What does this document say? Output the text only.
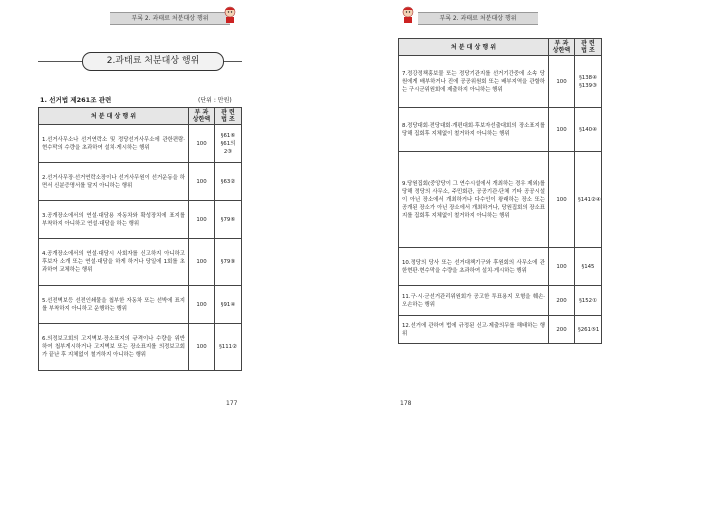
부록 2. 과태료 처분대상 행위
2.과태료 처분대상 행위
1. 선거법 제261조 관련	(단위 : 만원)
처 분 대 상 행 위	부 과 상한액	관 련 법 조
1.선거사무소나 선거연락소 및 정당선거사무소에 관한편람·현수막의 수량을 초과하여 설치·게시하는 행위	100	§61⑥ §61의2③
2.선거사무장·선거연락소장이나 선거사무원이 선거운동을 하면서 신분증명서를 달지 아니하는 행위	100	§63②
3.공개장소에서의 연설·대담용 자동차와 확성장치에 표지를 부착하지 아니하고 연설·대담을 하는 행위	100	§79⑥
4.공개장소에서의 연설·대담시 사회자를 신고하지 아니하고 후보자 소개 또는 연설·대담을 하게 하거나 당일에 1회를 초과하여 교체하는 행위	100	§79⑨
5.선전벽보등 선전인쇄물을 첩부한 자동차 또는 선박에 표지를 부착하지 아니하고 운행하는 행위	100	§91④
6.의정보고회의 고지벽보·장소표지의 규격이나 수량을 위반하여 첩부게시하거나 고지벽보 또는 장소표지를 의정보고회가 끝난 후 지체없이 철거하지 아니하는 행위	100	§111②
177
부록 2. 과태료 처분대상 행위
처 분 대 상 행 위	부 과 상한액	관 련 법 조
7.정강정책홍보물 또는 정당기관지를 선거기간중에 소속 당원에게 배부하거나 진에 공공위원회 또는 배부지역을 관할하는 구시군위원회에 제출하지 아니하는 행위	100	§138④ §139③
8.정당대회·전당대회·개편대회·후보자선출대회의 장소표지를 당해 집회후 지체없이 철거하지 아니하는 행위	100	§140④
9.당원집회(중앙당이 그 연수시설에서 개최하는 경우 제외)를 당해 정당의 사무소, 주민회관, 공공기관·단체 기타 공공시설이 아닌 장소에서 개최하거나 다수인이 왕래하는 장소 또는 공개된 장소가 아닌 장소에서 개최하거나, 당원집회의 장소표지를 집회후 지체없이 철거하지 아니하는 행위	100	§141②④
10.정당의 당사 또는 선거대책기구와 후원회의 사무소에 관한현판·현수막을 수량을 초과하여 설치·게시하는 행위	100	§145
11.구·시·군선거관리위원회가 공고한 투표용지 모형을 훼손·오손하는 행위	200	§152①
12.선거에 관하여 법에 규정된 신고·제출의무를 해태하는 행위	200	§261⑤1
178
